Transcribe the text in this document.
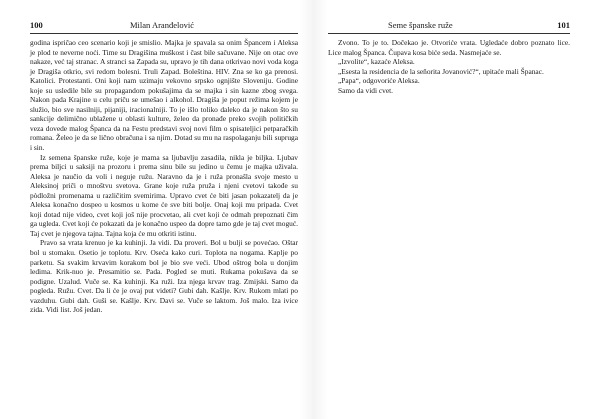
100	Milan Aranđelović

godina ispričao ceo scenario koji je smislio. Majka je spavala sa onim Špancem i Aleksa je plod te neverne noći. Time su Dragišina muškost i čast bile sačuvane. Nije on otac ove nakaze, već taj stranac. A stranci sa Zapada su, upravo je tih dana otkrivao novi voda koga je Dragiša otkrio, svi redom bolesni. Truli Zapad. Boleština. HIV. Zna se ko ga prenosi. Katolici. Protestanti. Oni koji nam uzimaju vekovno srpsko ognjište Sloveniju. Godine koje su usledile bile su propagandom pokušajima da se majka i sin kazne zbog svega. Nakon pada Krajine u celu priču se umešao i alkohol. Dragiša je poput režima kojem je služio, bio sve nasilniji, pijaniji, iracionalniji. To je išlo toliko daleko da je nakon što su sankcije delimično ublažene u oblasti kulture, želeo da pronađe preko svojih političkih veza dovede malog Španca da na Festu predstavi svoj novi film o spisateljici petparačkih romana. Želeo je da se lično obračuna i sa njim. Dotad su mu na raspolaganju bili supruga i sin.

Iz semena španske ruže, koje je mama sa ljubavlju zasadila, nikla je biljka. Ljubav prema biljci u saksiji na prozoru i prema sinu bile su jedino u čemu je majka uživala. Aleksa je naučio da voli i neguje ružu. Naravno da je i ruža pronašla svoje mesto u Aleksinoj priči o mnoštvu svetova. Grane koje ruža pruža i njeni cvetovi takođe su pòdložni promenama u različitim svemirima. Upravo cvet će biti jasan pokazatelj da je Aleksa konačno dospeo u kosmos u kome će sve biti bolje. Onaj koji mu pripada. Cvet koji dotad nije video, cvet koji još nije procvetao, ali cvet koji će odmah prepoznati čim ga ugleda. Cvet koji će pokazati da je konačno uspeo da dopre tamo gde je taj cvet moguć. Taj cvet je njegova tajna. Tajna koja će mu otkriti istinu.

Pravo sa vrata krenuo je ka kuhinji. Ja vidi. Da proveri. Bol u bulji se povećao. Oštar bol u stomaku. Osetio je toplotu. Krv. Oseća kako curi. Toplota na nogama. Kaplje po parketu. Sa svakim krvavim korakom bol je bio sve veći. Ubod oštrog bola u donjim ledima. Krik‑nuo je. Presamitio se. Pada. Pogled se muti. Rukama pokušava da se podigne. Uzalud. Vuče se. Ka kuhinji. Ka ruži. Iza njega krvav trag. Zmijski. Samo da pogleda. Ružu. Cvet. Da li će je ovaj put videti? Gubi dah. Kašlje. Krv. Rukom mlati po vazduhu. Gubi dah. Guši se. Kašlje. Krv. Davi se. Vuče se laktom. Još malo. Iza ivice zida. Vidi list. Još jedan.

Seme španske ruže	101

Zvono. To je to. Dočekao je. Otvoriće vrata. Ugledaće dobro poznato lice. Lice malog Španca. Čupava kosa biće seda. Nasmejaće se.

„Izvolite“, kazaće Aleksa.

„Esesta la residencia de la señorita Jovanović?“, upitaće mali Španac.

„Papa“, odgovoriće Aleksa.

Samo da vidi cvet.
